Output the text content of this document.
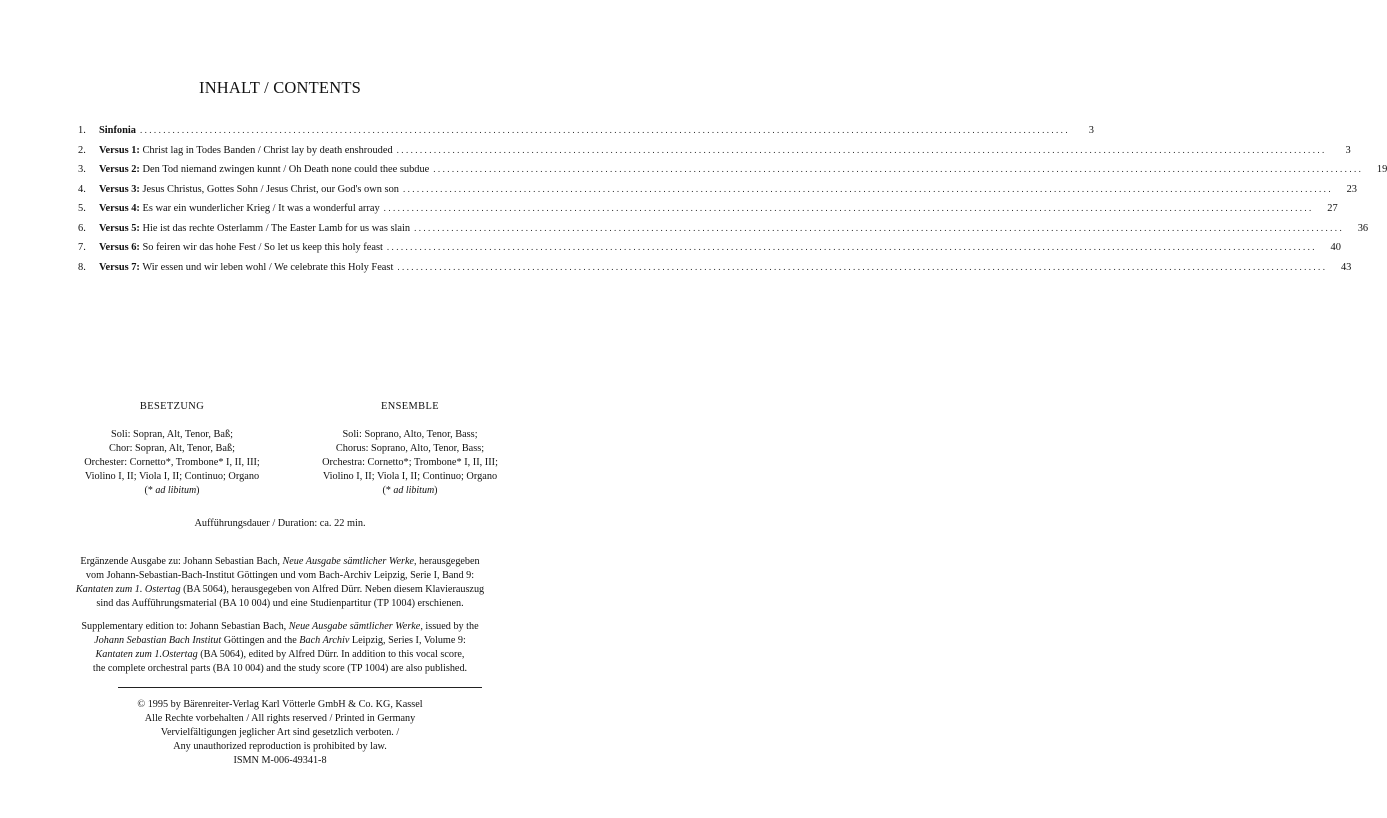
INHALT / CONTENTS
1.	Sinfonia ........................................................................................................................................................................................................	3
2.	Versus 1: Christ lag in Todes Banden / Christ lay by death enshrouded ........................................................................................................................................................................................................	3
3.	Versus 2: Den Tod niemand zwingen kunnt / Oh Death none could thee subdue ........................................................................................................................................................................................................	19
4.	Versus 3: Jesus Christus, Gottes Sohn / Jesus Christ, our God's own son ........................................................................................................................................................................................................	23
5.	Versus 4: Es war ein wunderlicher Krieg / It was a wonderful array ........................................................................................................................................................................................................	27
6.	Versus 5: Hie ist das rechte Osterlamm / The Easter Lamb for us was slain ........................................................................................................................................................................................................	36
7.	Versus 6: So feiren wir das hohe Fest / So let us keep this holy feast ........................................................................................................................................................................................................	40
8.	Versus 7: Wir essen und wir leben wohl / We celebrate this Holy Feast ........................................................................................................................................................................................................	43
BESETZUNG
Soli: Sopran, Alt, Tenor, Baß;
Chor: Sopran, Alt, Tenor, Baß;
Orchester: Cornetto*, Trombone* I, II, III;
Violino I, II; Viola I, II; Continuo; Organo
(* ad libitum)
ENSEMBLE
Soli: Soprano, Alto, Tenor, Bass;
Chorus: Soprano, Alto, Tenor, Bass;
Orchestra: Cornetto*; Trombone* I, II, III;
Violino I, II; Viola I, II; Continuo; Organo
(* ad libitum)
Aufführungsdauer / Duration: ca. 22 min.
Ergänzende Ausgabe zu: Johann Sebastian Bach, Neue Ausgabe sämtlicher Werke, herausgegeben
vom Johann-Sebastian-Bach-Institut Göttingen und vom Bach-Archiv Leipzig, Serie I, Band 9:
Kantaten zum 1. Ostertag (BA 5064), herausgegeben von Alfred Dürr. Neben diesem Klavierauszug
sind das Aufführungsmaterial (BA 10 004) und eine Studienpartitur (TP 1004) erschienen.
Supplementary edition to: Johann Sebastian Bach, Neue Ausgabe sämtlicher Werke, issued by the
Johann Sebastian Bach Institut Göttingen and the Bach Archiv Leipzig, Series I, Volume 9:
Kantaten zum 1.Ostertag (BA 5064), edited by Alfred Dürr. In addition to this vocal score,
the complete orchestral parts (BA 10 004) and the study score (TP 1004) are also published.
© 1995 by Bärenreiter-Verlag Karl Vötterle GmbH & Co. KG, Kassel
Alle Rechte vorbehalten / All rights reserved / Printed in Germany
Vervielfältigungen jeglicher Art sind gesetzlich verboten. /
Any unauthorized reproduction is prohibited by law.
ISMN M-006-49341-8
